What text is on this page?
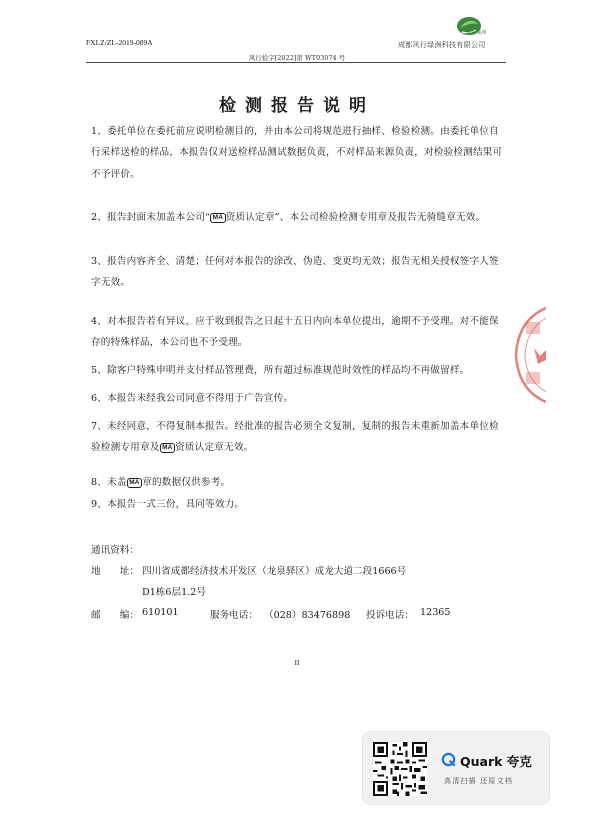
FXLZ/ZL-2019-089A
风行绿洲
成都风行绿洲科技有限公司
风行检字[2022]第 WT03074 号
检测报告说明
1、委托单位在委托前应说明检测目的，并由本公司将规范进行抽样、检验检测。由委托单位自行采样送检的样品，本报告仅对送检样品测试数据负责，不对样品来源负责，对检验检测结果可不予评价。
2、报告封面未加盖本公司“ MA 资质认定章”、本公司检验检测专用章及报告无骑缝章无效。
3、报告内容齐全、清楚；任何对本报告的涂改、伪造、变更均无效；报告无相关授权签字人签字无效。
4、对本报告若有异议，应于收到报告之日起十五日内向本单位提出，逾期不予受理。对不能保存的特殊样品，本公司也不予受理。
5、除客户特殊申明并支付样品管理费，所有超过标准规范时效性的样品均不再做留样。
6、本报告未经我公司同意不得用于广告宣传。
7、未经同意，不得复制本报告。经批准的报告必须全文复制，复制的报告未重新加盖本单位检验检测专用章及 MA 资质认定章无效。
8、未盖 MA 章的数据仅供参考。
9、本报告一式三份，具同等效力。
通讯资料：
地　　址： 四川省成都经济技术开发区（龙泉驿区）成龙大道二段1666号
D1栋6层1.2号
邮　　编： 610101	服务电话： （028）83476898 投诉电话： 12365
II
Quark 夸克
高清扫描 还原文档
